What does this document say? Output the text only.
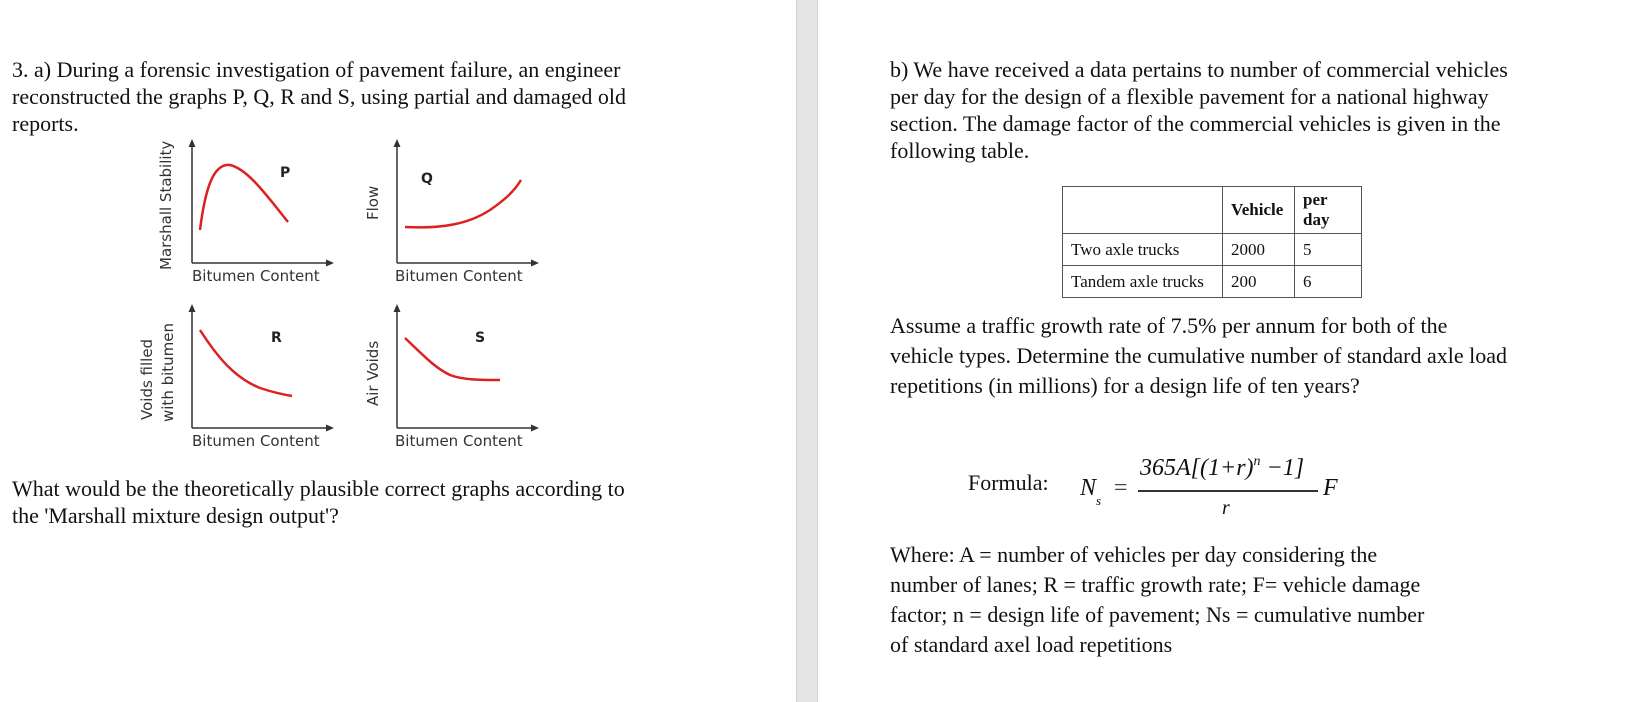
3. a) During a forensic investigation of pavement failure, an engineer
reconstructed the graphs P, Q, R and S, using partial and damaged old
reports.
P
Marshall Stability
Bitumen Content
Q
Flow
Bitumen Content
R
Voids filled with bitumen
Bitumen Content
S
Air Voids
Bitumen Content
What would be the theoretically plausible correct graphs according to
the 'Marshall mixture design output'?
b) We have received a data pertains to number of commercial vehicles
per day for the design of a flexible pavement for a national highway
section. The damage factor of the commercial vehicles is given in the
following table.
	Vehicle	per day
Two axle trucks	2000	5
Tandem axle trucks	200	6
Assume a traffic growth rate of 7.5% per annum for both of the
vehicle types. Determine the cumulative number of standard axle load
repetitions (in millions) for a design life of ten years?
Formula: $N_s$ =
$365A[(1+r)^n -1]$
r
F
Where: A = number of vehicles per day considering the
number of lanes; R = traffic growth rate; F= vehicle damage
factor; n = design life of pavement; Ns = cumulative number
of standard axel load repetitions
